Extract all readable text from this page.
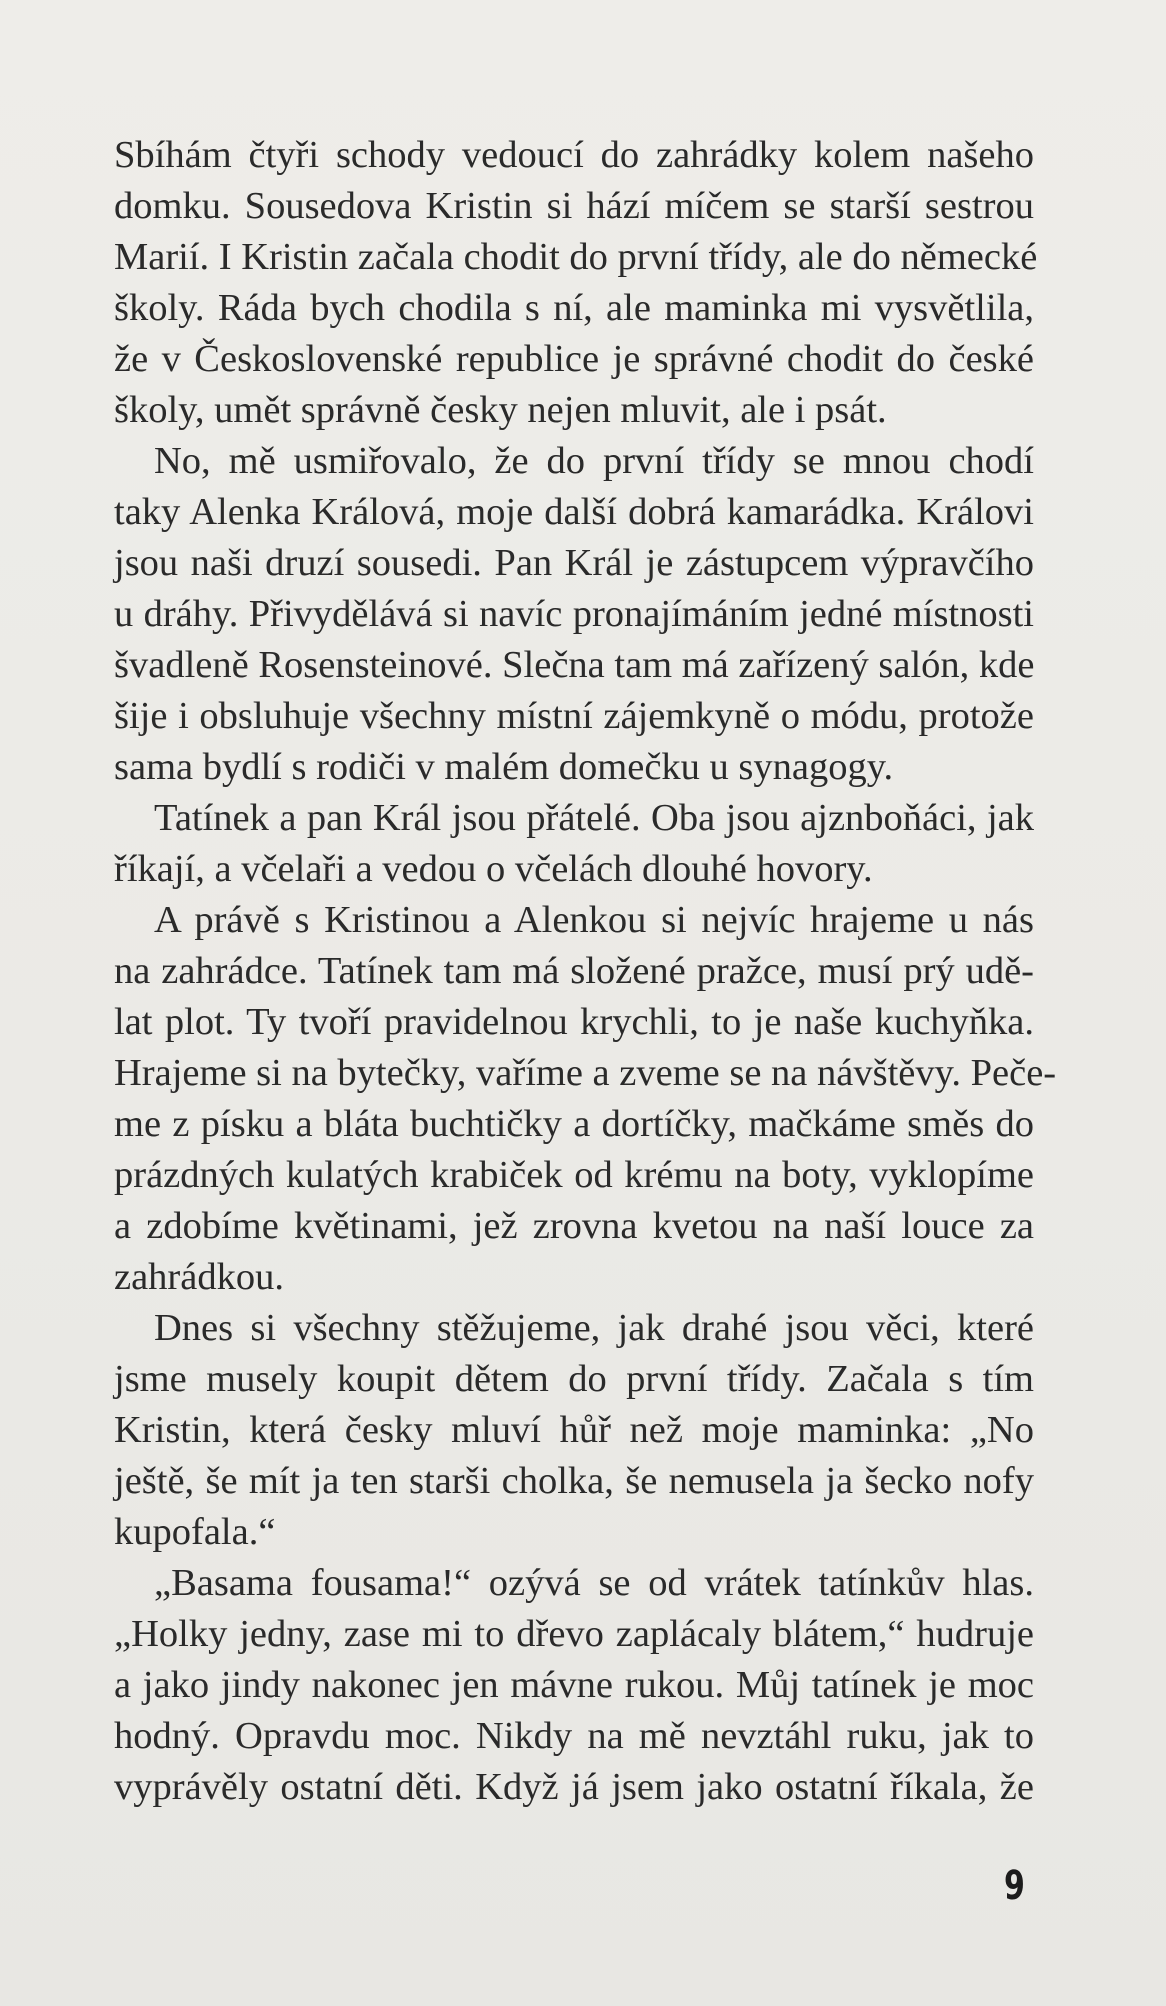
Sbíhám čtyři schody vedoucí do zahrádky kolem našeho
domku. Sousedova Kristin si hází míčem se starší sestrou
Marií. I Kristin začala chodit do první třídy, ale do německé
školy. Ráda bych chodila s ní, ale maminka mi vysvětlila,
že v Československé republice je správné chodit do české
školy, umět správně česky nejen mluvit, ale i psát.
No, mě usmiřovalo, že do první třídy se mnou chodí
taky Alenka Králová, moje další dobrá kamarádka. Královi
jsou naši druzí sousedi. Pan Král je zástupcem výpravčího
u dráhy. Přivydělává si navíc pronajímáním jedné místnosti
švadleně Rosensteinové. Slečna tam má zařízený salón, kde
šije i obsluhuje všechny místní zájemkyně o módu, protože
sama bydlí s rodiči v malém domečku u synagogy.
Tatínek a pan Král jsou přátelé. Oba jsou ajznboňáci, jak
říkají, a včelaři a vedou o včelách dlouhé hovory.
A právě s Kristinou a Alenkou si nejvíc hrajeme u nás
na zahrádce. Tatínek tam má složené pražce, musí prý udě-
lat plot. Ty tvoří pravidelnou krychli, to je naše kuchyňka.
Hrajeme si na bytečky, vaříme a zveme se na návštěvy. Peče-
me z písku a bláta buchtičky a dortíčky, mačkáme směs do
prázdných kulatých krabiček od krému na boty, vyklopíme
a zdobíme květinami, jež zrovna kvetou na naší louce za
zahrádkou.
Dnes si všechny stěžujeme, jak drahé jsou věci, které
jsme musely koupit dětem do první třídy. Začala s tím
Kristin, která česky mluví hůř než moje maminka: „No
ještě, še mít ja ten starši cholka, še nemusela ja šecko nofy
kupofala.“
„Basama fousama!“ ozývá se od vrátek tatínkův hlas.
„Holky jedny, zase mi to dřevo zaplácaly blátem,“ hudruje
a jako jindy nakonec jen mávne rukou. Můj tatínek je moc
hodný. Opravdu moc. Nikdy na mě nevztáhl ruku, jak to
vyprávěly ostatní děti. Když já jsem jako ostatní říkala, že
9
